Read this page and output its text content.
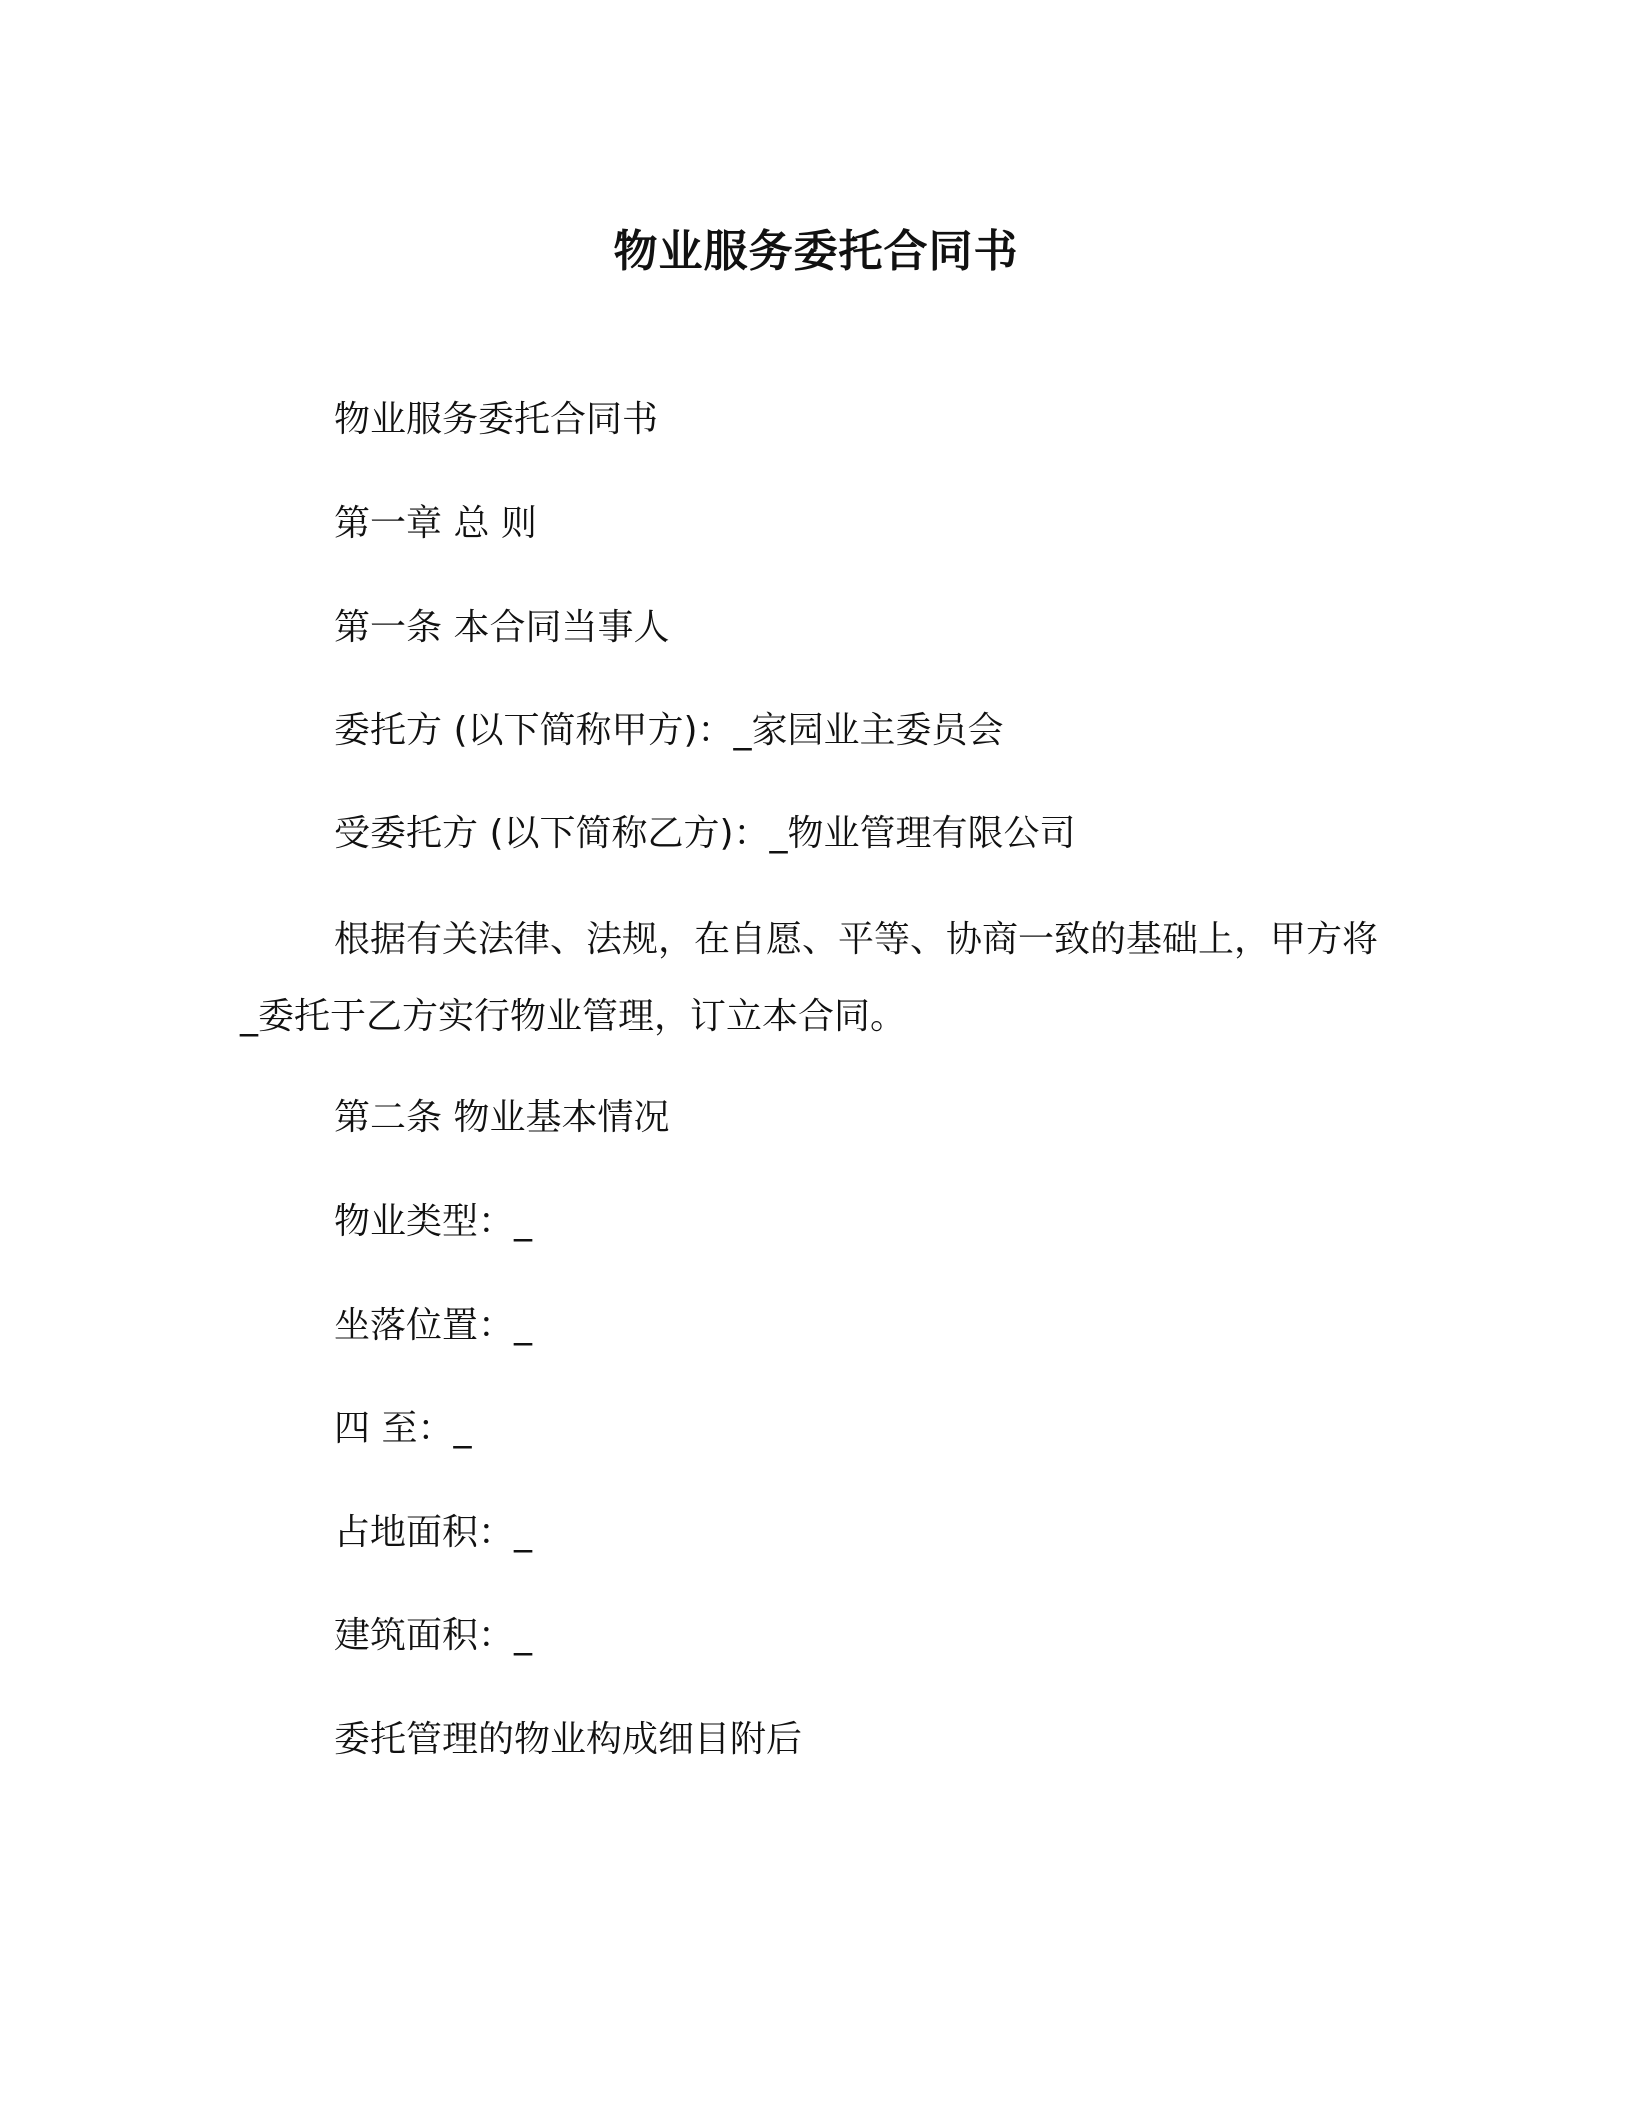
物业服务委托合同书
物业服务委托合同书
第一章 总 则
第一条 本合同当事人
委托方 (以下简称甲方)：_家园业主委员会
受委托方 (以下简称乙方)：_物业管理有限公司
根据有关法律、法规，在自愿、平等、协商一致的基础上，甲方将_委托于乙方实行物业管理，订立本合同。
第二条 物业基本情况
物业类型：_
坐落位置：_
四 至：_
占地面积：_
建筑面积：_
委托管理的物业构成细目附后
